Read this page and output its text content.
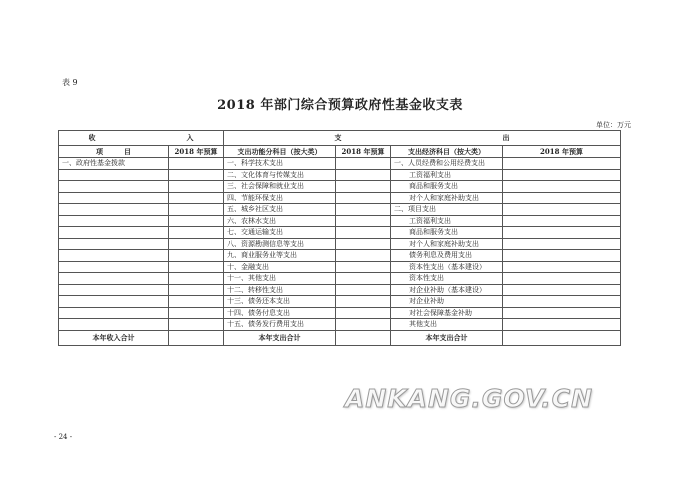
表 9
2018 年部门综合预算政府性基金收支表
单位：万元
收　　　　　　　　　　　　　入		支　　　　　　　　　　　　　　　　　　　　　　　出			
项　　　目	2018 年预算	支出功能分科目（按大类）	2018 年预算	支出经济科目（按大类）	2018 年预算
一、政府性基金拨款		一、科学技术支出		一、人员经费和公用经费支出	
		二、文化体育与传媒支出		工资福利支出	
		三、社会保障和就业支出		商品和服务支出	
		四、节能环保支出		对个人和家庭补助支出	
		五、城乡社区支出		二、项目支出	
		六、农林水支出		工资福利支出	
		七、交通运输支出		商品和服务支出	
		八、资源勘测信息等支出		对个人和家庭补助支出	
		九、商业服务业等支出		债务利息及费用支出	
		十、金融支出		资本性支出（基本建设）	
		十一、其他支出		资本性支出	
		十二、转移性支出		对企业补助（基本建设）	
		十三、债务还本支出		对企业补助	
		十四、债务付息支出		对社会保障基金补助	
		十五、债务发行费用支出		其他支出	
本年收入合计		本年支出合计		本年支出合计	
ANKANG.GOV.CN
- 24 -
